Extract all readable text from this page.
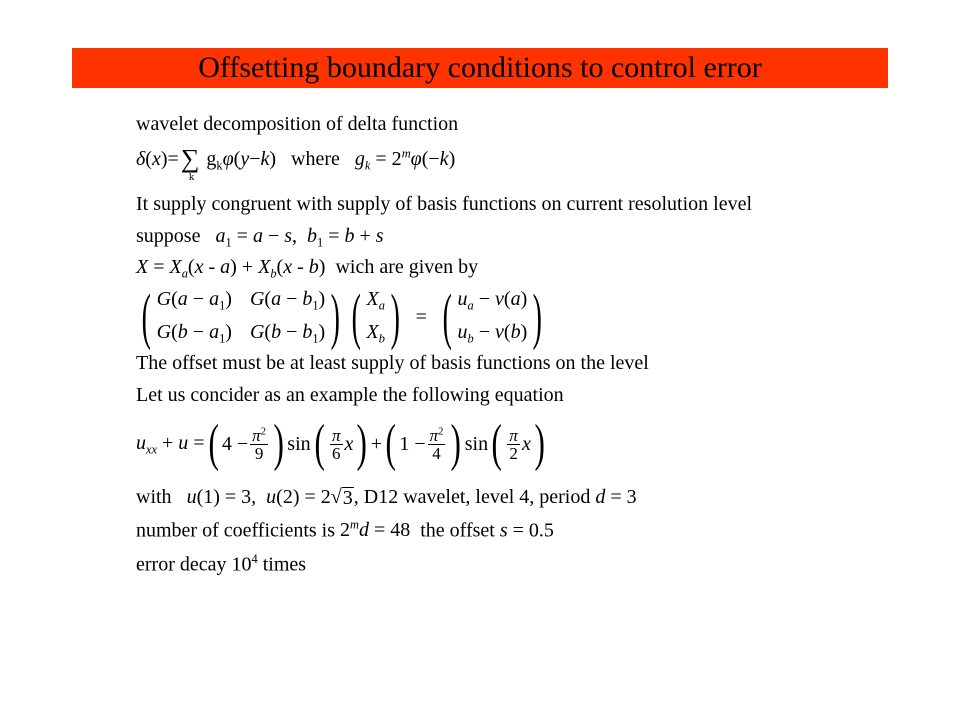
Offsetting boundary conditions to control error
wavelet decomposition of delta function
δ(x)=∑
k
$g_k\varphi(y-k)$ where $g_k = 2^m\varphi(-k)$
It supply congruent with supply of basis functions on current resolution level
suppose $a_1 = a - s$,  $b_1 = b + s$
$X = X_a(x - a) + X_b(x - b)$ wich are given by
( $G(a - a_1)$
$G(b - a_1)$
$G(a - b_1)$
$G(b - b_1)$ ) ( $X_a$
$X_b$ ) = ( $u_a - v(a)$
$u_b - v(b)$ )
The offset must be at least supply of basis functions on the level
Let us concider as an example the following equation
$u_{xx} + u$ = ( $4 - \frac{\pi^2}{9}$ ) sin ( $\frac{\pi}{6}$ x ) + ( $1 - \frac{\pi^2}{4}$ ) sin ( $\frac{\pi}{2}$ x )
with u(1) = 3,  u(2) = 2√ 3 , D12 wavelet, level 4, period d = 3
number of coefficients is $2^md = 48$ the offset s = 0.5
error decay $10^4$ times
